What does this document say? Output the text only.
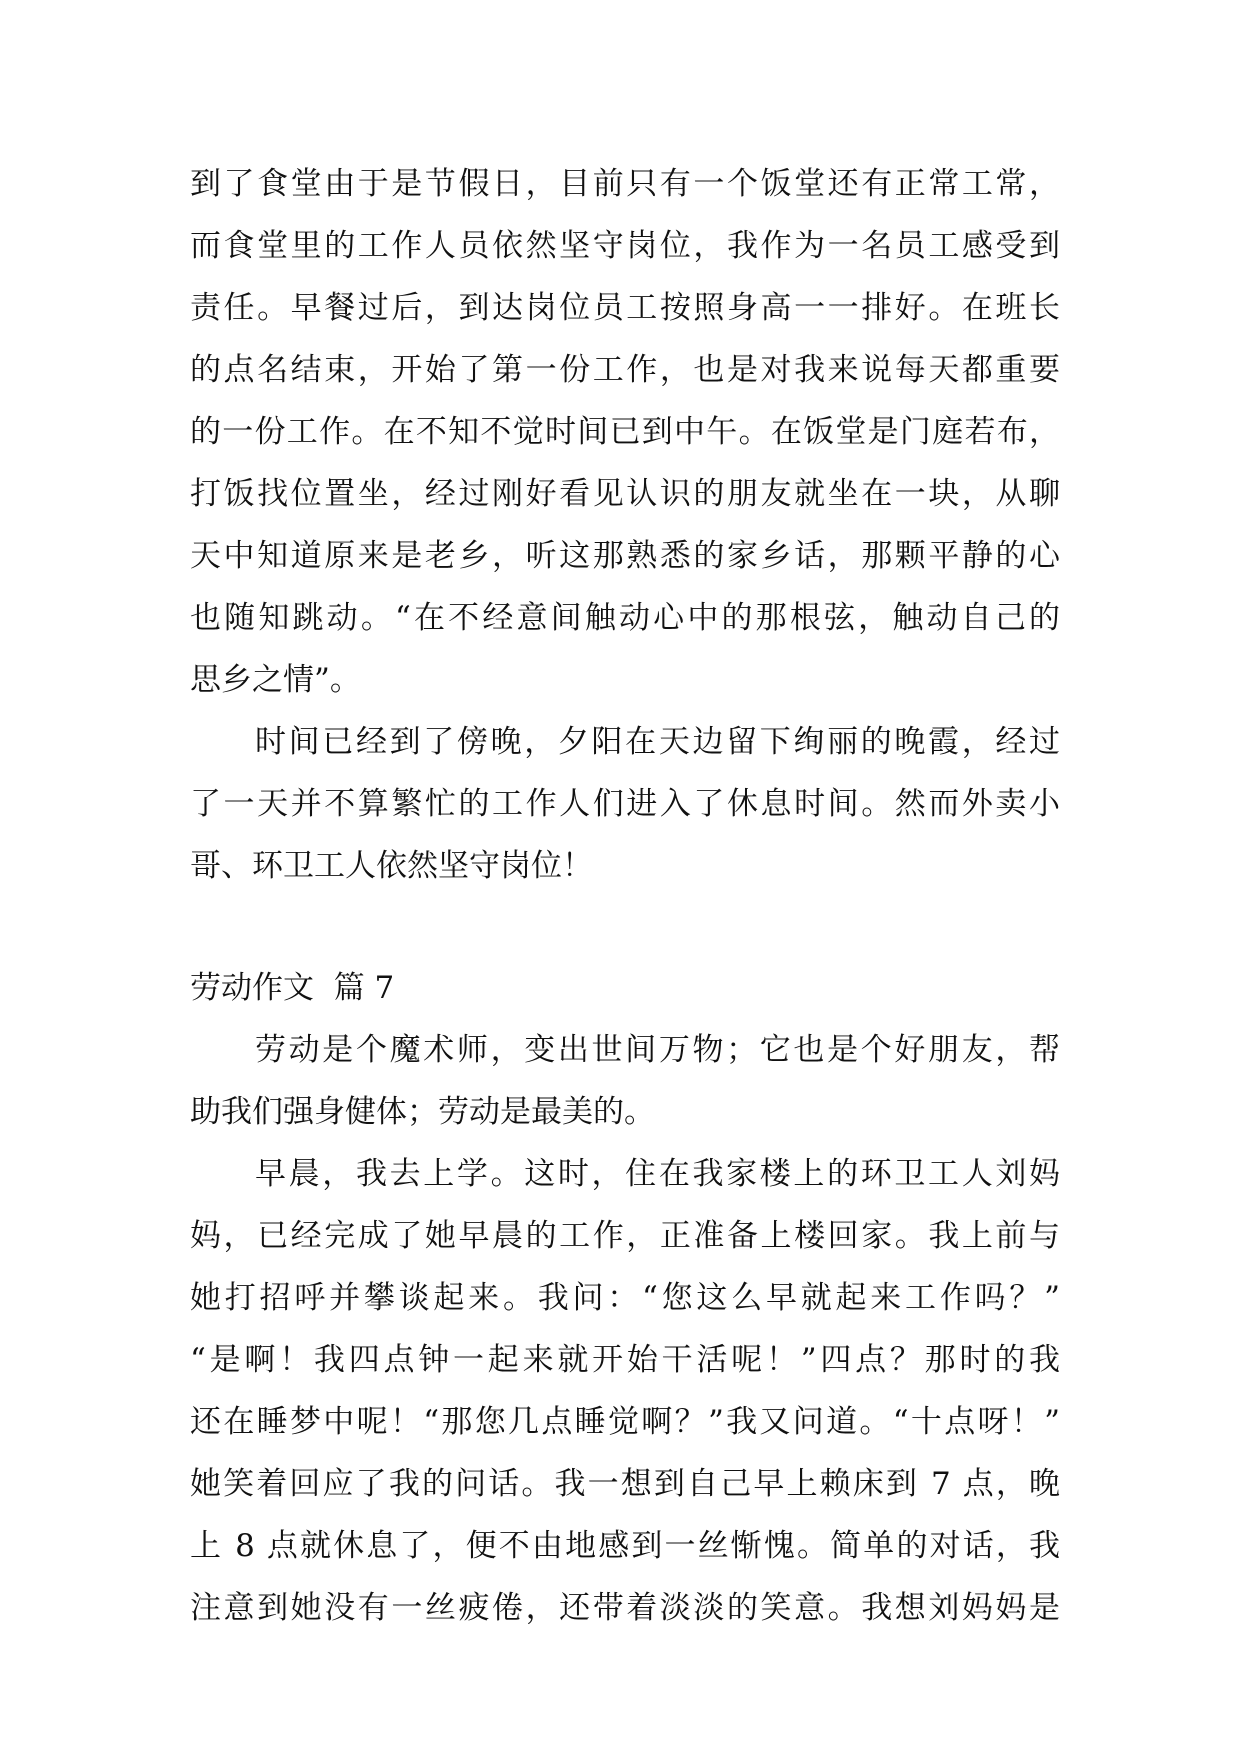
到了食堂由于是节假日，目前只有一个饭堂还有正常工常，
而食堂里的工作人员依然坚守岗位，我作为一名员工感受到
责任。早餐过后，到达岗位员工按照身高一一排好。在班长
的点名结束，开始了第一份工作，也是对我来说每天都重要
的一份工作。在不知不觉时间已到中午。在饭堂是门庭若布，
打饭找位置坐，经过刚好看见认识的朋友就坐在一块，从聊
天中知道原来是老乡，听这那熟悉的家乡话，那颗平静的心
也随知跳动。“在不经意间触动心中的那根弦，触动自己的
思乡之情”。
时间已经到了傍晚，夕阳在天边留下绚丽的晚霞，经过
了一天并不算繁忙的工作人们进入了休息时间。然而外卖小
哥、环卫工人依然坚守岗位！
劳动作文  篇 7
劳动是个魔术师，变出世间万物；它也是个好朋友，帮
助我们强身健体；劳动是最美的。
早晨，我去上学。这时，住在我家楼上的环卫工人刘妈
妈，已经完成了她早晨的工作，正准备上楼回家。我上前与
她打招呼并攀谈起来。我问：“您这么早就起来工作吗？”
“是啊！我四点钟一起来就开始干活呢！”四点？那时的我
还在睡梦中呢！“那您几点睡觉啊？”我又问道。“十点呀！”
她笑着回应了我的问话。我一想到自己早上赖床到 7 点，晚
上 8 点就休息了，便不由地感到一丝惭愧。简单的对话，我
注意到她没有一丝疲倦，还带着淡淡的笑意。我想刘妈妈是
